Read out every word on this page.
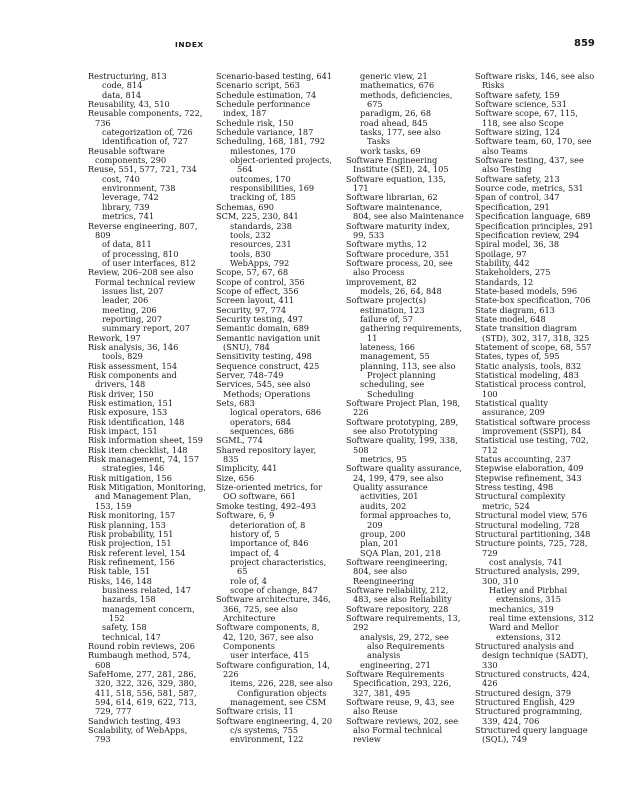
INDEX	859
Restructuring, 813
code, 814
data, 814
Reusability, 43, 510
Reusable components, 722,
736
categorization of, 726
identification of, 727
Reusable software
components, 290
Reuse, 551, 577, 721, 734
cost, 740
environment, 738
leverage, 742
library, 739
metrics, 741
Reverse engineering, 807,
809
of data, 811
of processing, 810
of user interfaces, 812
Review, 206–208 see also
Formal technical review
issues list, 207
leader, 206
meeting, 206
reporting, 207
summary report, 207
Rework, 197
Risk analysis, 36, 146
tools, 829
Risk assessment, 154
Risk components and
drivers, 148
Risk driver, 150
Risk estimation, 151
Risk exposure, 153
Risk identification, 148
Risk impact, 151
Risk information sheet, 159
Risk item checklist, 148
Risk management, 74, 157
strategies, 146
Risk mitigation, 156
Risk Mitigation, Monitoring,
and Management Plan,
153, 159
Risk monitoring, 157
Risk planning, 153
Risk probability, 151
Risk projection, 151
Risk referent level, 154
Risk refinement, 156
Risk table, 151
Risks, 146, 148
business related, 147
hazards, 158
management concern,
152
safety, 158
technical, 147
Round robin reviews, 206
Rumbaugh method, 574,
608
SafeHome, 277, 281, 286,
320, 322, 326, 329, 380,
411, 518, 556, 581, 587,
594, 614, 619, 622, 713,
729, 777
Sandwich testing, 493
Scalability, of WebApps,
793
Scenario-based testing, 641
Scenario script, 563
Schedule estimation, 74
Schedule performance
index, 187
Schedule risk, 150
Schedule variance, 187
Scheduling, 168, 181, 792
milestones, 170
object-oriented projects,
564
outcomes, 170
responsibilities, 169
tracking of, 185
Schemas, 690
SCM, 225, 230, 841
standards, 238
tools, 232
resources, 231
tools, 830
WebApps, 792
Scope, 57, 67, 68
Scope of control, 356
Scope of effect, 356
Screen layout, 411
Security, 97, 774
Security testing, 497
Semantic domain, 689
Semantic navigation unit
(SNU), 784
Sensitivity testing, 498
Sequence construct, 425
Server, 748–749
Services, 545, see also
Methods; Operations
Sets, 683
logical operators, 686
operators, 684
sequences, 686
SGML, 774
Shared repository layer,
835
Simplicity, 441
Size, 656
Size-oriented metrics, for
OO software, 661
Smoke testing, 492–493
Software, 6, 9
deterioration of, 8
history of, 5
importance of, 846
impact of, 4
project characteristics,
65
role of, 4
scope of change, 847
Software architecture, 346,
366, 725, see also
Architecture
Software components, 8,
42, 120, 367, see also
Components
user interface, 415
Software configuration, 14,
226
items, 226, 228, see also
Configuration objects
management, see CSM
Software crisis, 11
Software engineering, 4, 20
c/s systems, 755
environment, 122
generic view, 21
mathematics, 676
methods, deficiencies,
675
paradigm, 26, 68
road ahead, 845
tasks, 177, see also
Tasks
work tasks, 69
Software Engineering
Institute (SEI), 24, 105
Software equation, 135,
171
Software librarian, 62
Software maintenance,
804, see also Maintenance
Software maturity index,
99, 533
Software myths, 12
Software procedure, 351
Software process, 20, see
also Process
improvement, 82
models, 26, 64, 848
Software project(s)
estimation, 123
failure of, 57
gathering requirements,
11
lateness, 166
management, 55
planning, 113, see also
Project planning
scheduling, see
Scheduling
Software Project Plan, 198,
226
Software prototyping, 289,
see also Prototyping
Software quality, 199, 338,
508
metrics, 95
Software quality assurance,
24, 199, 479, see also
Quality assurance
activities, 201
audits, 202
formal approaches to,
209
group, 200
plan, 201
SQA Plan, 201, 218
Software reengineering,
804, see also
Reengineering
Software reliability, 212,
483, see also Reliability
Software repository, 228
Software requirements, 13,
292
analysis, 29, 272, see
also Requirements
analysis
engineering, 271
Software Requirements
Specification, 293, 226,
327, 381, 495
Software reuse, 9, 43, see
also Reuse
Software reviews, 202, see
also Formal technical
review
Software risks, 146, see also
Risks
Software safety, 159
Software science, 531
Software scope, 67, 115,
118, see also Scope
Software sizing, 124
Software team, 60, 170, see
also Teams
Software testing, 437, see
also Testing
Software safety, 213
Source code, metrics, 531
Span of control, 347
Specification, 291
Specification language, 689
Specification principles, 291
Specification review, 294
Spiral model, 36, 38
Spoilage, 97
Stability, 442
Stakeholders, 275
Standards, 12
State-based models, 596
State-box specification, 706
State diagram, 613
State model, 648
State transition diagram
(STD), 302, 317, 318, 325
Statement of scope, 68, 557
States, types of, 595
Static analysis, tools, 832
Statistical modeling, 483
Statistical process control,
100
Statistical quality
assurance, 209
Statistical software process
improvement (SSPI), 84
Statistical use testing, 702,
712
Status accounting, 237
Stepwise elaboration, 409
Stepwise refinement, 343
Stress testing, 498
Structural complexity
metric, 524
Structural model view, 576
Structural modeling, 728
Structural partitioning, 348
Structure points, 725, 728,
729
cost analysis, 741
Structured analysis, 299,
300, 310
Hatley and Pirbhai
extensions, 315
mechanics, 319
real time extensions, 312
Ward and Mellor
extensions, 312
Structured analysis and
design technique (SADT),
330
Structured constructs, 424,
426
Structured design, 379
Structured English, 429
Structured programming,
339, 424, 706
Structured query language
(SQL), 749
